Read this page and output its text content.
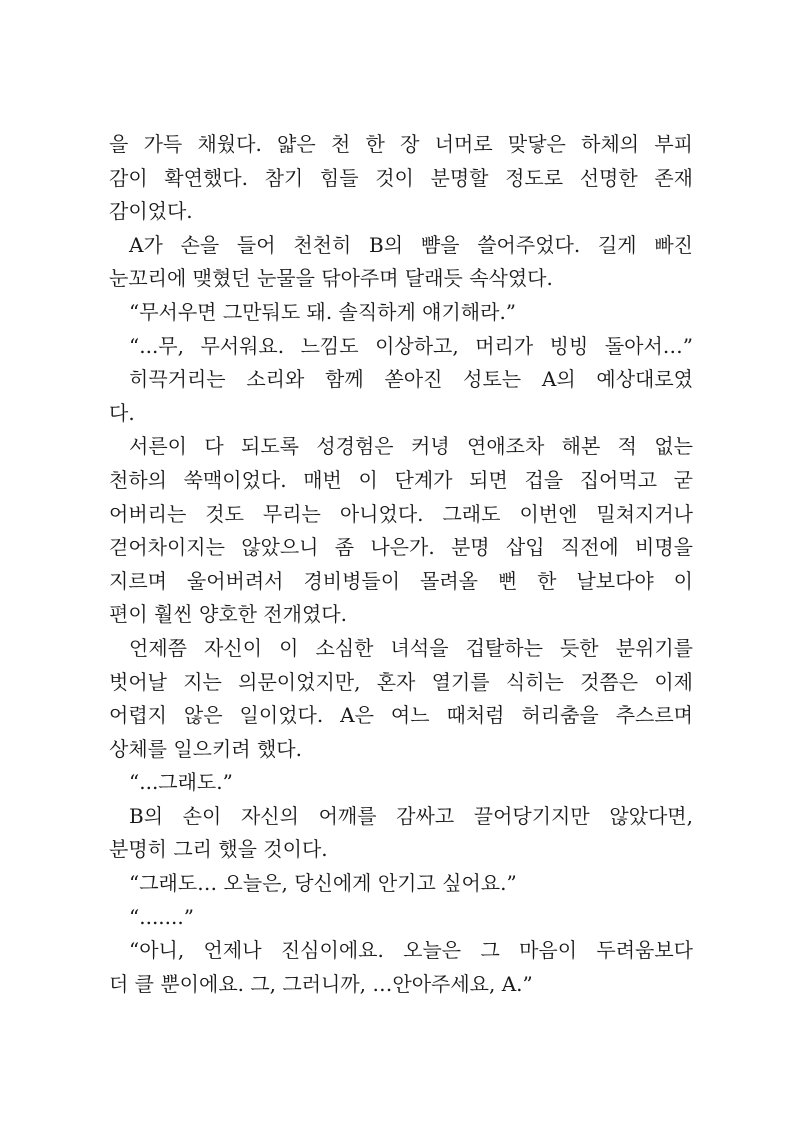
을 가득 채웠다. 얇은 천 한 장 너머로 맞닿은 하체의 부피
감이 확연했다. 참기 힘들 것이 분명할 정도로 선명한 존재
감이었다.
A가 손을 들어 천천히 B의 뺨을 쓸어주었다. 길게 빠진
눈꼬리에 맺혔던 눈물을 닦아주며 달래듯 속삭였다.
“무서우면 그만둬도 돼. 솔직하게 얘기해라.”
“...무, 무서워요. 느낌도 이상하고, 머리가 빙빙 돌아서…”
히끅거리는 소리와 함께 쏟아진 성토는 A의 예상대로였
다.
서른이 다 되도록 성경험은 커녕 연애조차 해본 적 없는
천하의 쑥맥이었다. 매번 이 단계가 되면 겁을 집어먹고 굳
어버리는 것도 무리는 아니었다. 그래도 이번엔 밀쳐지거나
걷어차이지는 않았으니 좀 나은가. 분명 삽입 직전에 비명을
지르며 울어버려서 경비병들이 몰려올 뻔 한 날보다야 이
편이 훨씬 양호한 전개였다.
언제쯤 자신이 이 소심한 녀석을 겁탈하는 듯한 분위기를
벗어날 지는 의문이었지만, 혼자 열기를 식히는 것쯤은 이제
어렵지 않은 일이었다. A은 여느 때처럼 허리춤을 추스르며
상체를 일으키려 했다.
“...그래도.”
B의 손이 자신의 어깨를 감싸고 끌어당기지만 않았다면,
분명히 그리 했을 것이다.
“그래도… 오늘은, 당신에게 안기고 싶어요.”
“.......”
“아니, 언제나 진심이에요. 오늘은 그 마음이 두려움보다
더 클 뿐이에요. 그, 그러니까, …안아주세요, A.”
